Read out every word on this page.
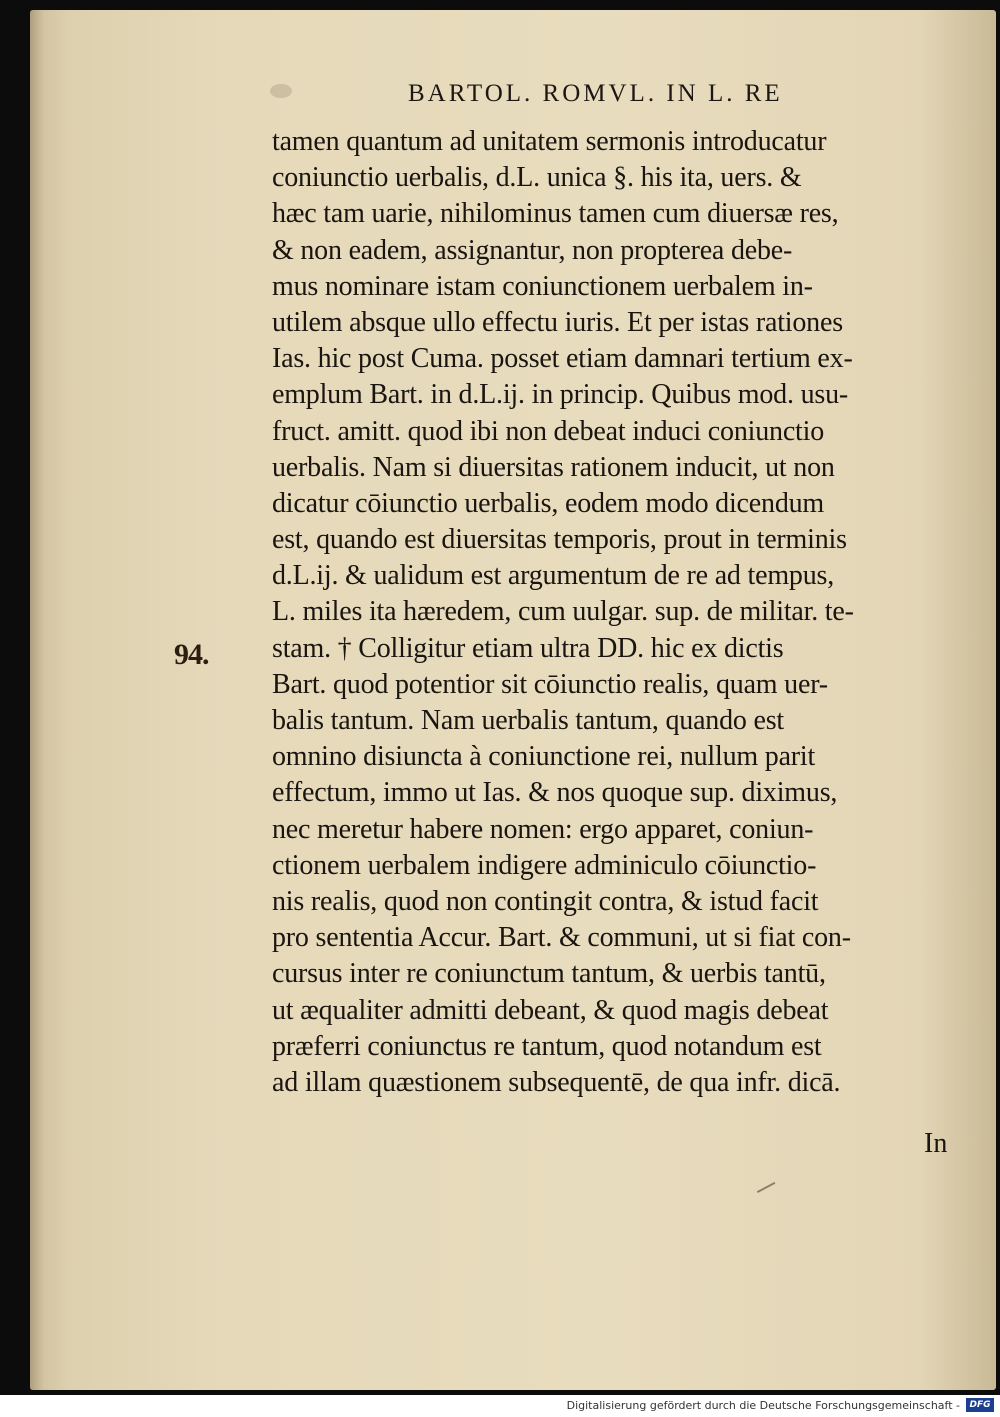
BARTOL. ROMVL. IN L. RE
94.
tamen quantum ad unitatem sermonis introducatur
coniunctio uerbalis, d.L. unica §. his ita, uers. &
hæc tam uarie, nihilominus tamen cum diuersæ res,
& non eadem, assignantur, non propterea debe-
mus nominare istam coniunctionem uerbalem in-
utilem absque ullo effectu iuris. Et per istas rationes
Ias. hic post Cuma. posset etiam damnari tertium ex-
emplum Bart. in d.L.ij. in princip. Quibus mod. usu-
fruct. amitt. quod ibi non debeat induci coniunctio
uerbalis. Nam si diuersitas rationem inducit, ut non
dicatur cōiunctio uerbalis, eodem modo dicendum
est, quando est diuersitas temporis, prout in terminis
d.L.ij. & ualidum est argumentum de re ad tempus,
L. miles ita hæredem, cum uulgar. sup. de militar. te-
stam. † Colligitur etiam ultra DD. hic ex dictis
Bart. quod potentior sit cōiunctio realis, quam uer-
balis tantum. Nam uerbalis tantum, quando est
omnino disiuncta à coniunctione rei, nullum parit
effectum, immo ut Ias. & nos quoque sup. diximus,
nec meretur habere nomen: ergo apparet, coniun-
ctionem uerbalem indigere adminiculo cōiunctio-
nis realis, quod non contingit contra, & istud facit
pro sententia Accur. Bart. & communi, ut si fiat con-
cursus inter re coniunctum tantum, & uerbis tantū,
ut æqualiter admitti debeant, & quod magis debeat
præferri coniunctus re tantum, quod notandum est
ad illam quæstionem subsequentē, de qua infr. dicā.
In
Digitalisierung gefördert durch die Deutsche Forschungsgemeinschaft -	DFG
